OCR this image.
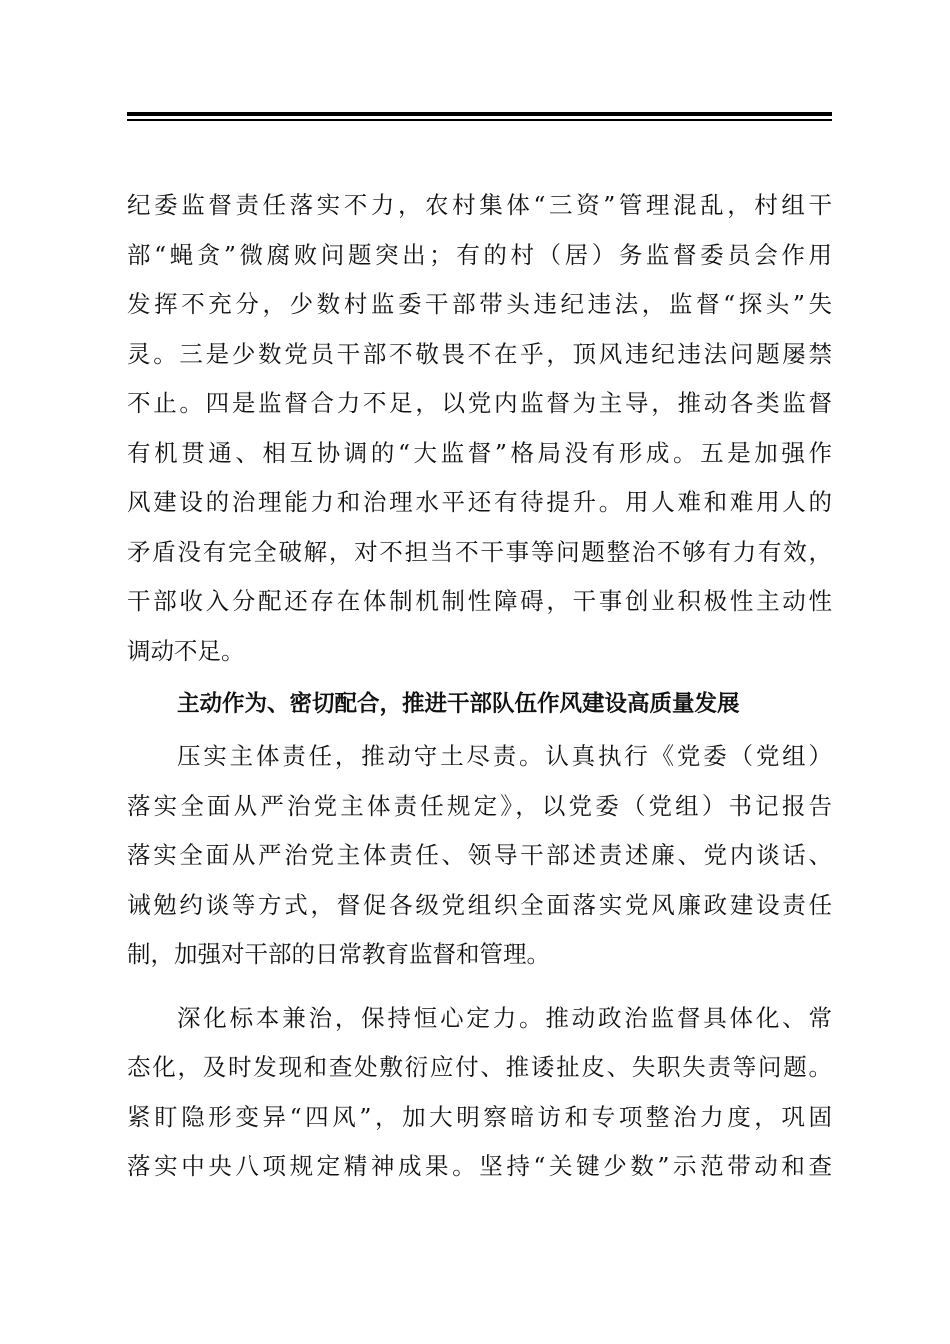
纪委监督责任落实不力，农村集体“三资”管理混乱，村组干
部“蝇贪”微腐败问题突出；有的村（居）务监督委员会作用
发挥不充分，少数村监委干部带头违纪违法，监督“探头”失
灵。三是少数党员干部不敬畏不在乎，顶风违纪违法问题屡禁
不止。四是监督合力不足，以党内监督为主导，推动各类监督
有机贯通、相互协调的“大监督”格局没有形成。五是加强作
风建设的治理能力和治理水平还有待提升。用人难和难用人的
矛盾没有完全破解，对不担当不干事等问题整治不够有力有效，
干部收入分配还存在体制机制性障碍，干事创业积极性主动性
调动不足。
主动作为、密切配合，推进干部队伍作风建设高质量发展
压实主体责任，推动守土尽责。认真执行《党委（党组）
落实全面从严治党主体责任规定》，以党委（党组）书记报告
落实全面从严治党主体责任、领导干部述责述廉、党内谈话、
诫勉约谈等方式，督促各级党组织全面落实党风廉政建设责任
制，加强对干部的日常教育监督和管理。
深化标本兼治，保持恒心定力。推动政治监督具体化、常
态化，及时发现和查处敷衍应付、推诿扯皮、失职失责等问题。
紧盯隐形变异“四风”，加大明察暗访和专项整治力度，巩固
落实中央八项规定精神成果。坚持“关键少数”示范带动和查
